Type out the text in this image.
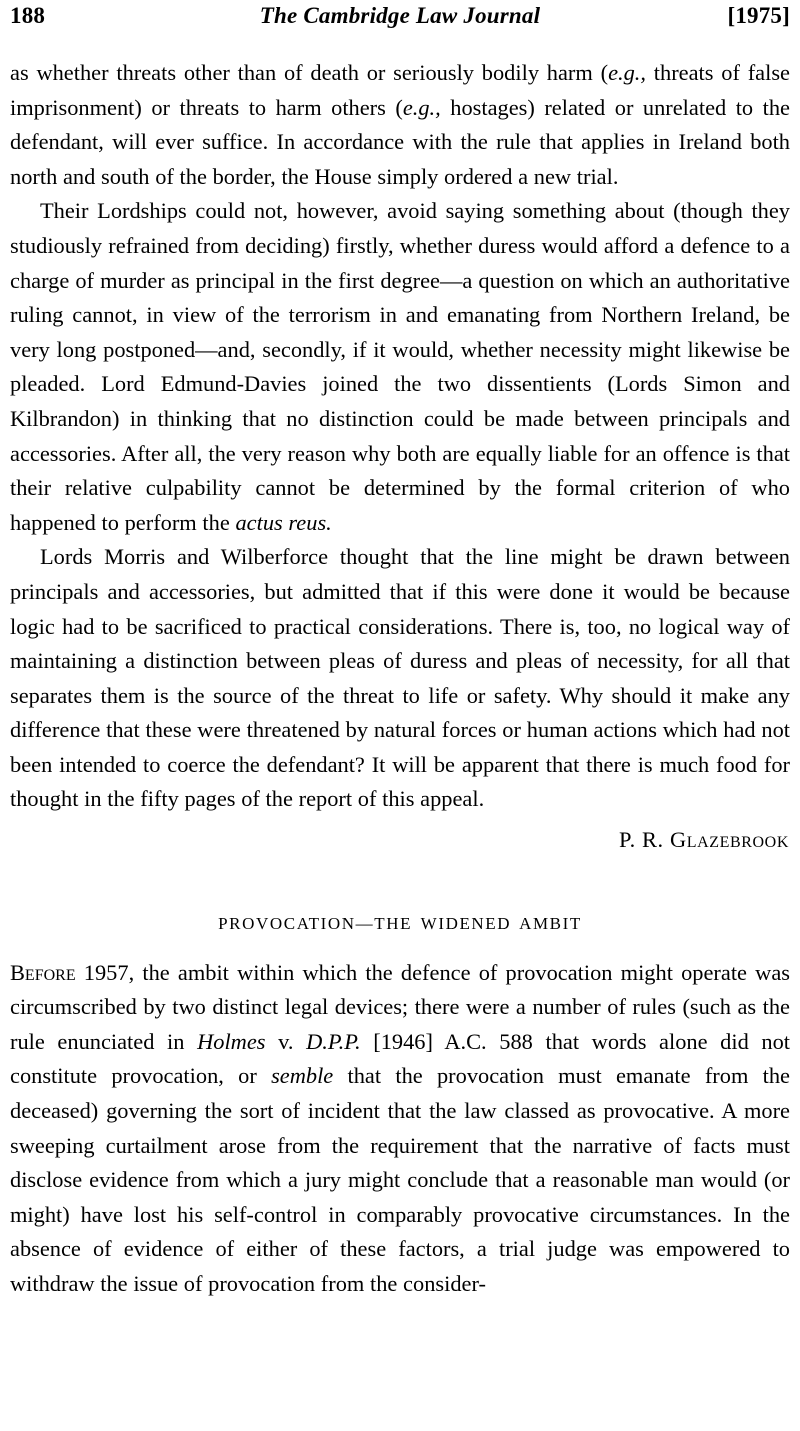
188	The Cambridge Law Journal	[1975]

as whether threats other than of death or seriously bodily harm (e.g., threats of false imprisonment) or threats to harm others (e.g., hostages) related or unrelated to the defendant, will ever suffice. In accordance with the rule that applies in Ireland both north and south of the border, the House simply ordered a new trial.

Their Lordships could not, however, avoid saying something about (though they studiously refrained from deciding) firstly, whether duress would afford a defence to a charge of murder as principal in the first degree—a question on which an authoritative ruling cannot, in view of the terrorism in and emanating from Northern Ireland, be very long postponed—and, secondly, if it would, whether necessity might likewise be pleaded. Lord Edmund-Davies joined the two dissentients (Lords Simon and Kilbrandon) in thinking that no distinction could be made between principals and accessories. After all, the very reason why both are equally liable for an offence is that their relative culpability cannot be determined by the formal criterion of who happened to perform the actus reus.

Lords Morris and Wilberforce thought that the line might be drawn between principals and accessories, but admitted that if this were done it would be because logic had to be sacrificed to practical considerations. There is, too, no logical way of maintaining a distinction between pleas of duress and pleas of necessity, for all that separates them is the source of the threat to life or safety. Why should it make any difference that these were threatened by natural forces or human actions which had not been intended to coerce the defendant? It will be apparent that there is much food for thought in the fifty pages of the report of this appeal.

P. R. Glazebrook

PROVOCATION—THE WIDENED AMBIT

Before 1957, the ambit within which the defence of provocation might operate was circumscribed by two distinct legal devices; there were a number of rules (such as the rule enunciated in Holmes v. D.P.P. [1946] A.C. 588 that words alone did not constitute provocation, or semble that the provocation must emanate from the deceased) governing the sort of incident that the law classed as provocative. A more sweeping curtailment arose from the requirement that the narrative of facts must disclose evidence from which a jury might conclude that a reasonable man would (or might) have lost his self-control in comparably provocative circumstances. In the absence of evidence of either of these factors, a trial judge was empowered to withdraw the issue of provocation from the consider-
